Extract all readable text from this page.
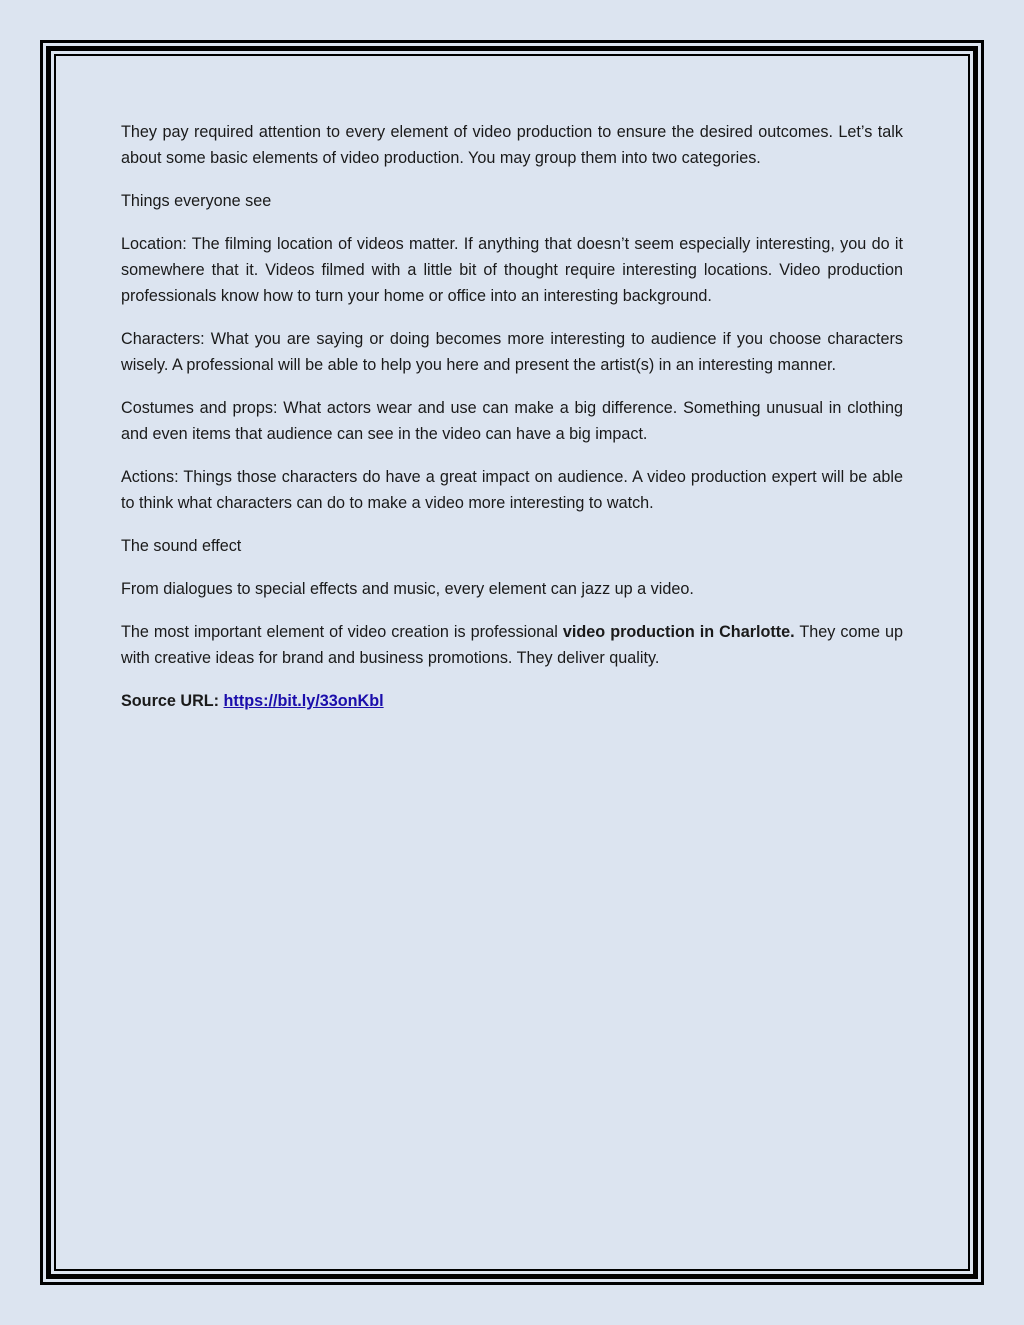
They pay required attention to every element of video production to ensure the desired outcomes. Let’s talk about some basic elements of video production. You may group them into two categories.

Things everyone see

Location: The filming location of videos matter. If anything that doesn’t seem especially interesting, you do it somewhere that it. Videos filmed with a little bit of thought require interesting locations. Video production professionals know how to turn your home or office into an interesting background.

Characters: What you are saying or doing becomes more interesting to audience if you choose characters wisely. A professional will be able to help you here and present the artist(s) in an interesting manner.

Costumes and props: What actors wear and use can make a big difference. Something unusual in clothing and even items that audience can see in the video can have a big impact.

Actions: Things those characters do have a great impact on audience. A video production expert will be able to think what characters can do to make a video more interesting to watch.

The sound effect

From dialogues to special effects and music, every element can jazz up a video.

The most important element of video creation is professional video production in Charlotte. They come up with creative ideas for brand and business promotions. They deliver quality.

Source URL: https://bit.ly/33onKbl
